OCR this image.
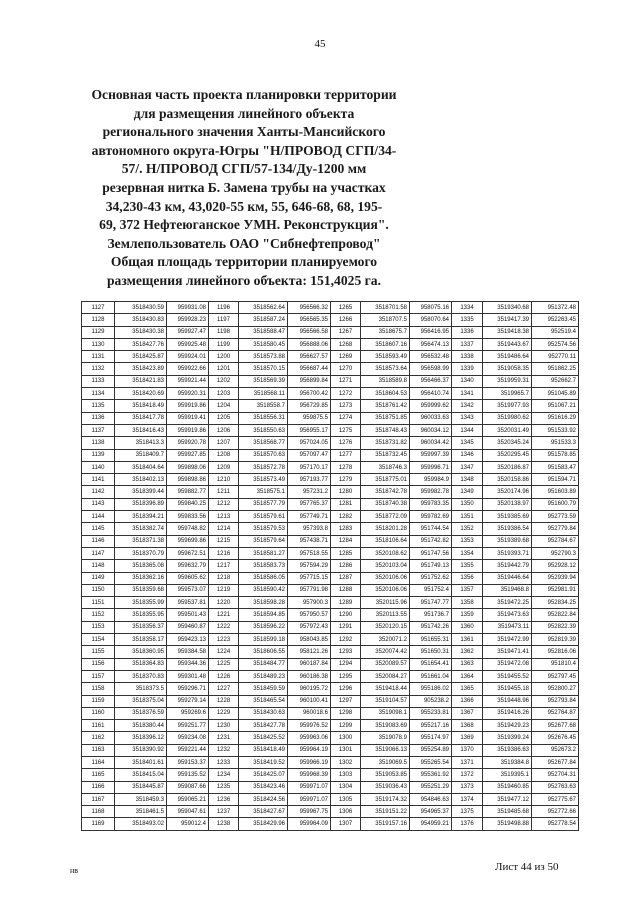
45
Основная часть проекта планировки территории
для размещения линейного объекта
регионального значения Ханты-Мансийского
автономного округа-Югры "Н/ПРОВОД СГП/34-
57/. Н/ПРОВОД СГП/57-134/Ду-1200 мм
резервная нитка Б. Замена трубы на участках
34,230-43 км, 43,020-55 км, 55, 646-68, 68, 195-
69, 372 Нефтеюганское УМН. Реконструкция".
Землепользователь ОАО "Сибнефтепровод"
Общая площадь территории планируемого
размещения линейного объекта: 151,4025 га.
1127	3518430.59	959931.08	1196	3518562.64	956566.32	1265	3518701.58	958075.16	1334	3519340.68	951372.48
1128	3518430.83	959928.23	1197	3518587.24	956565.35	1266	3518707.5	958070.64	1335	3519417.39	952263.45
1129	3518430.38	959927.47	1198	3518588.47	956566.58	1267	3518675.7	956416.95	1336	3519418.38	952519.4
1130	3518427.76	959925.48	1199	3518580.45	956888.06	1268	3518607.16	956474.13	1337	3519443.67	952574.56
1131	3518425.87	959924.01	1200	3518573.88	956627.57	1269	3518593.49	956532.48	1338	3519486.64	952770.11
1132	3518423.89	959922.66	1201	3518570.15	956687.44	1270	3518573.64	956598.99	1339	3519058.35	951862.25
1133	3518421.83	959921.44	1202	3518569.39	956899.84	1271	3518589.8	956466.37	1340	3519959.31	952662.7
1134	3518420.69	959920.31	1203	3518568.11	956700.42	1272	3518604.53	956410.74	1341	3519965.7	951045.89
1135	3518418.49	959919.86	1204	3518558.7	956729.85	1273	3518761.42	959999.62	1342	3519977.93	951067.21
1136	3518417.78	959919.41	1205	3518556.31	959875.5	1274	3518751.85	960033.63	1343	3519980.62	951616.29
1137	3518416.43	959919.86	1206	3518550.63	956955.17	1275	3518748.43	960034.12	1344	3520031.49	951533.92
1138	3518413.3	959920.78	1207	3518568.77	957024.05	1276	3518731.82	960034.42	1345	3520345.24	951533.3
1139	3518409.7	959927.85	1208	3518570.63	957097.47	1277	3518732.45	959997.39	1346	3520295.45	951578.85
1140	3518404.64	959898.06	1209	3518572.78	957170.17	1278	3518746.3	959996.71	1347	3520186.87	951583.47
1141	3518402.13	959898.86	1210	3518573.49	957193.77	1279	3518775.01	959984.9	1348	3520158.86	951594.71
1142	3518399.44	959882.77	1211	3518575.1	957231.2	1280	3518742.78	959982.78	1349	3520174.96	951603.89
1143	3518396.89	959840.25	1212	3518577.79	957765.37	1281	3518740.38	959783.35	1350	3520138.97	951600.79
1144	3518394.21	959833.56	1213	3518579.61	957749.71	1282	3518772.09	959782.69	1351	3519385.69	952773.59
1145	3518382.74	959748.82	1214	3518579.53	957393.8	1283	3518201.28	951744.54	1352	3519386.54	952779.84
1146	3518371.38	959699.86	1215	3518579.64	957438.71	1284	3518106.64	951742.82	1353	3519389.68	952784.67
1147	3518370.79	959672.51	1216	3518581.27	957518.55	1285	3520108.62	951747.56	1354	3519393.71	952790.3
1148	3518365.08	959632.79	1217	3518583.73	957594.29	1286	3520103.04	951749.13	1355	3519442.79	952928.12
1149	3518362.16	959605.62	1218	3518586.05	957715.15	1287	3520106.06	951752.62	1356	3519446.64	952939.94
1150	3518359.68	959573.07	1219	3518590.42	957791.98	1288	3520106.06	951752.4	1357	3519468.8	952981.91
1151	3518355.99	959537.81	1220	3518598.28	957900.3	1289	3520115.96	951747.77	1358	3519472.25	952834.25
1152	3518355.95	959501.43	1221	3518594.85	957950.57	1290	3520113.55	951736.7	1359	3519473.63	952822.84
1153	3518356.37	959460.87	1222	3518596.22	957972.43	1291	3520120.15	951742.26	1360	3519473.11	952822.39
1154	3518358.17	959423.13	1223	3518599.18	958043.85	1292	3520071.2	951655.31	1361	3519472.99	952819.39
1155	3518360.95	959384.58	1224	3518606.55	958121.26	1293	3520074.42	951650.31	1362	3519471.41	952816.06
1156	3518364.83	959344.36	1225	3518484.77	960187.84	1294	3520089.57	951654.41	1363	3519472.08	951810.4
1157	3518370.83	959301.48	1226	3518489.23	960186.38	1295	3520084.27	951661.04	1364	3519455.52	952797.45
1158	3518373.5	959296.71	1227	3518459.59	960195.72	1296	3519418.44	955186.02	1365	3519455.18	952800.27
1159	3518375.04	959279.14	1228	3518465.54	960100.41	1297	3519104.57	905238.2	1366	3519448.96	952793.84
1160	3518376.59	959269.6	1229	3518430.63	960018.6	1298	3519098.1	955233.81	1367	3519416.26	952764.87
1161	3518380.44	959251.77	1230	3518427.78	959976.52	1299	3519083.69	955217.16	1368	3519429.23	952677.68
1162	3518396.12	959234.08	1231	3518425.52	959963.06	1300	3519078.9	955174.97	1369	3519399.24	952676.45
1163	3518390.92	959221.44	1232	3518418.49	959964.19	1301	3519066.13	955254.89	1370	3519386.63	952673.2
1164	3518401.61	959153.37	1233	3518419.52	959966.19	1302	3519069.5	955265.54	1371	3519384.8	952677.84
1165	3518415.04	959135.52	1234	3518425.07	959968.39	1303	3519053.85	955361.92	1372	3519395.1	952704.31
1166	3518445.87	959087.66	1235	3518423.46	959971.07	1304	3519036.43	955251.29	1373	3519460.85	952763.63
1167	3518459.3	959065.21	1236	3518424.56	959971.07	1305	3519174.32	954846.63	1374	3519477.12	952775.67
1168	3518461.5	959047.61	1237	3518427.67	959967.75	1306	3519151.22	954965.37	1375	3519485.68	952772.66
1169	3518493.02	959012.4	1238	3518429.96	959964.09	1307	3519157.16	954959.21	1376	3519498.88	952778.54
нв	Лист 44 из 50
